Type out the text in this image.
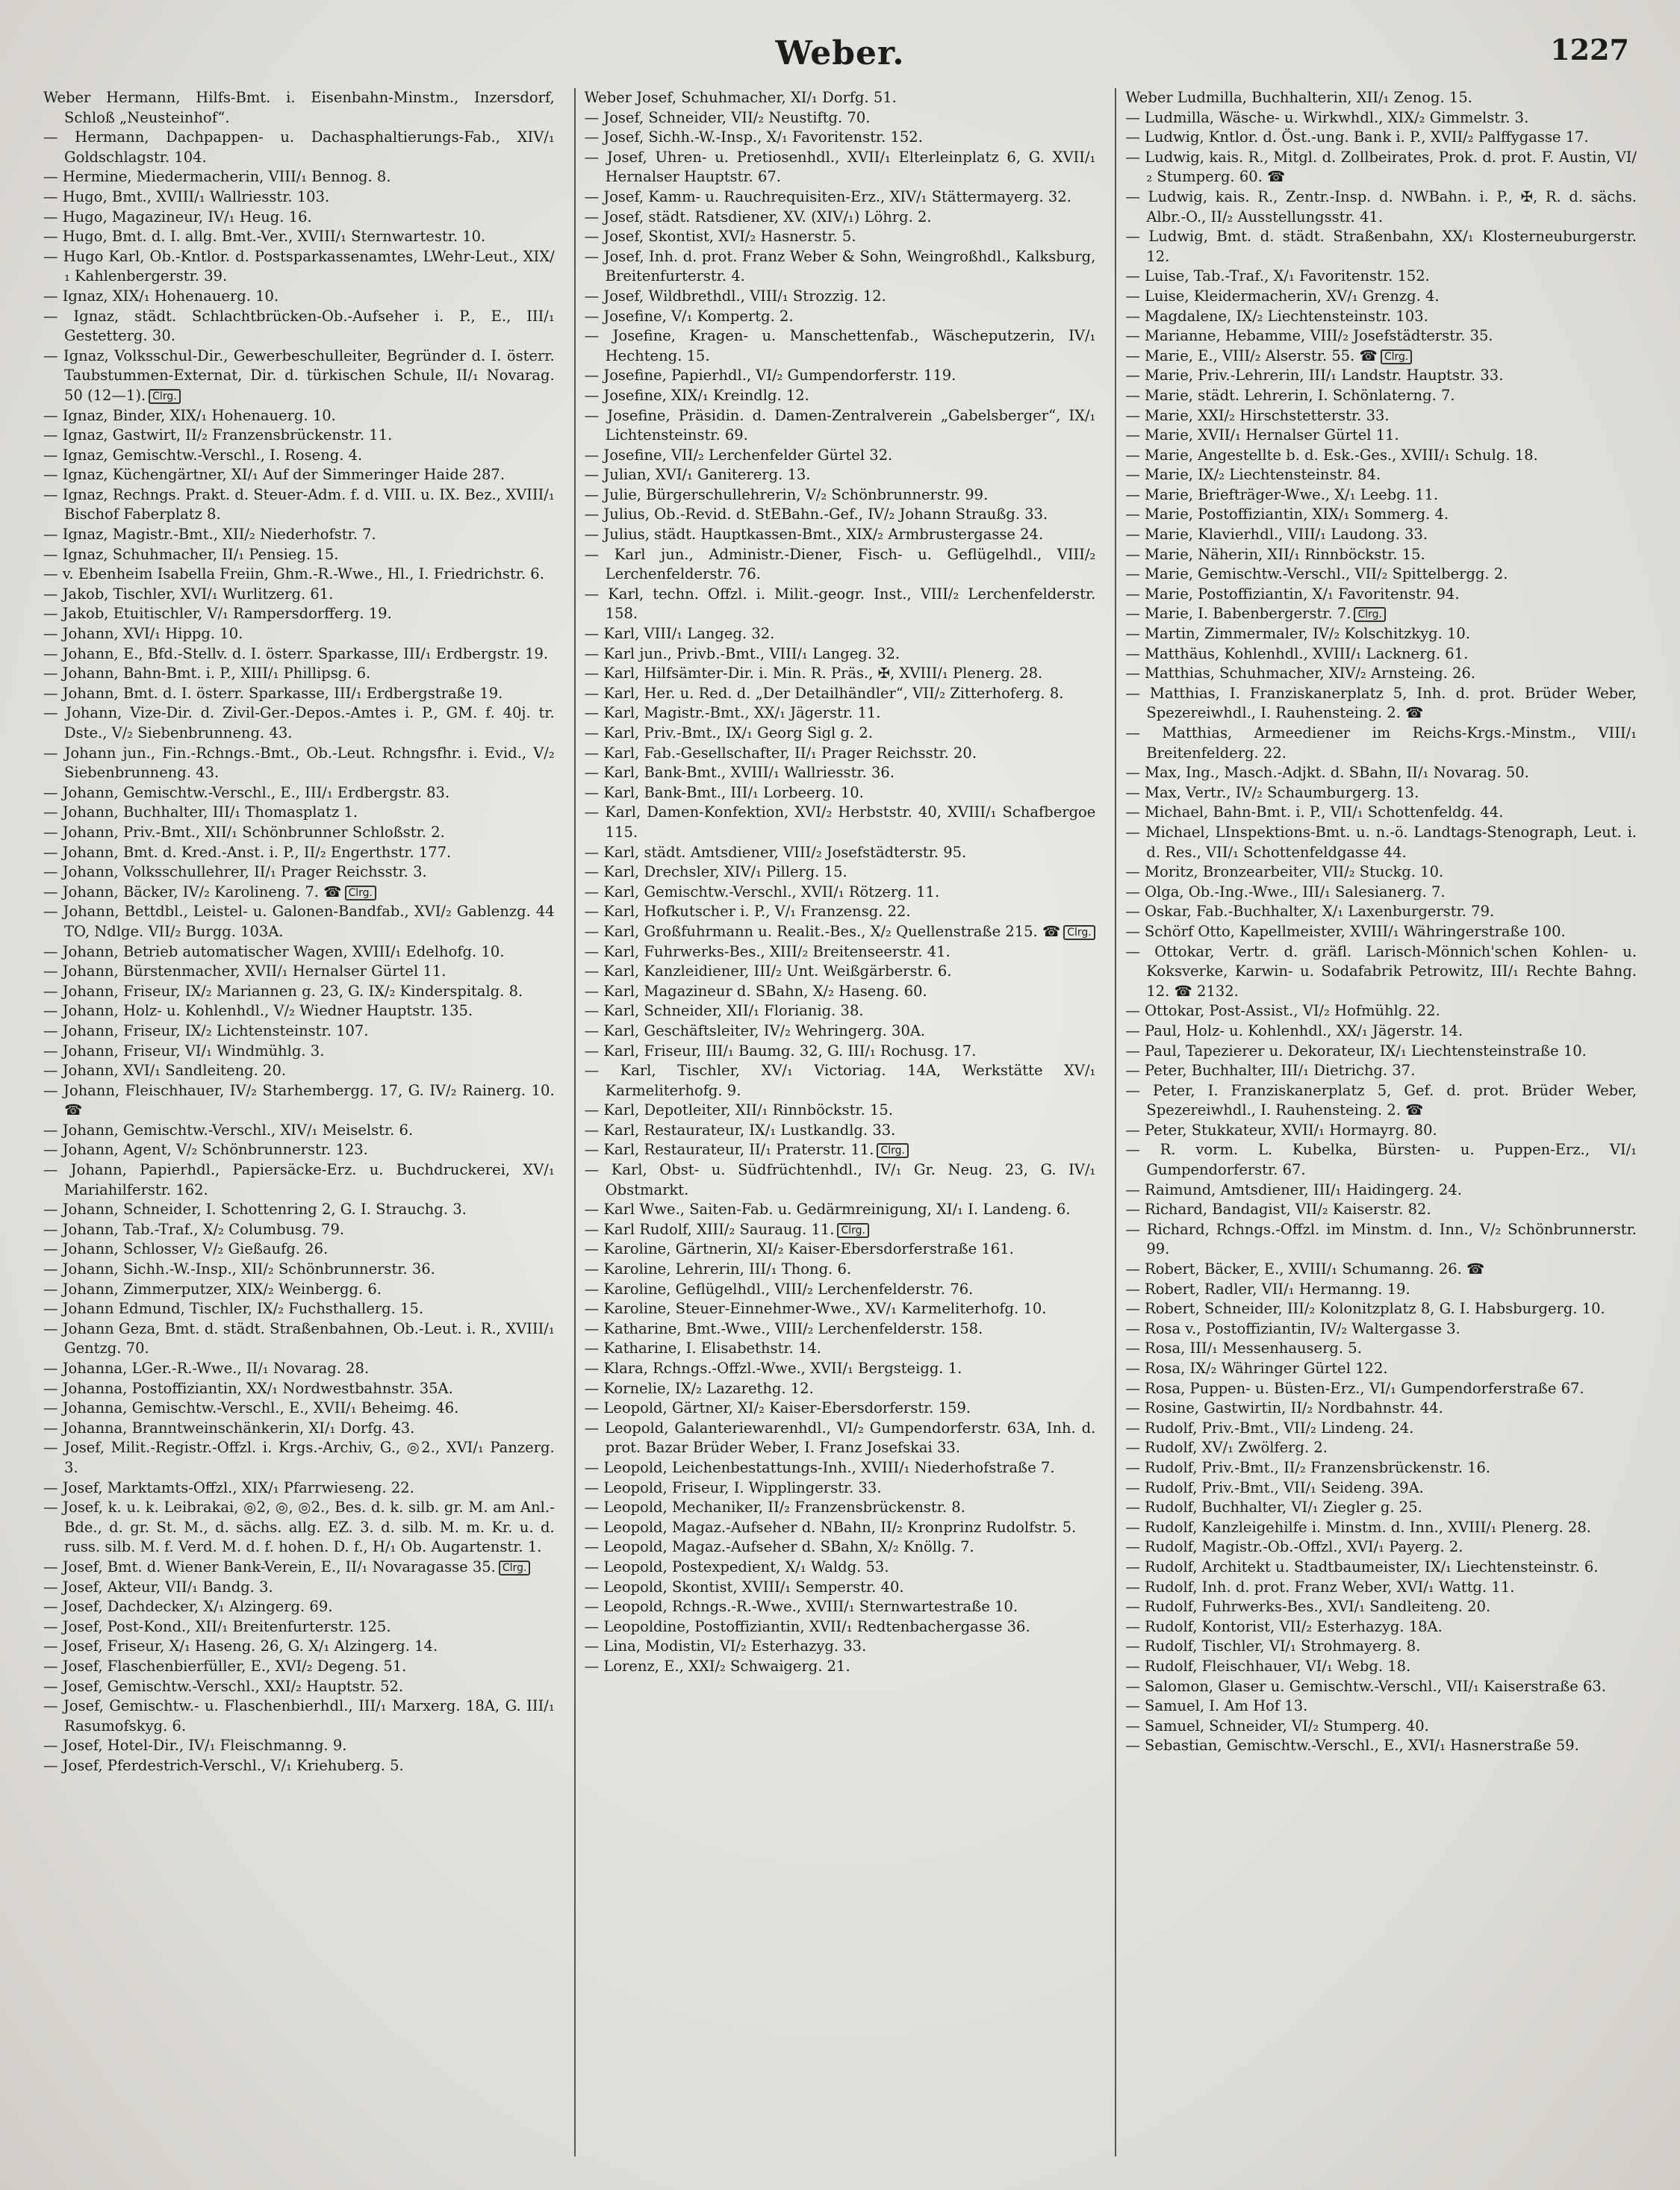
Weber.	1227

Weber Hermann, Hilfs-Bmt. i. Eisenbahn-Minstm., Inzersdorf, Schloß „Neusteinhof“.

— Hermann, Dachpappen- u. Dachasphaltierungs-Fab., XIV/₁ Goldschlagstr. 104.

— Hermine, Miedermacherin, VIII/₁ Bennog. 8.

— Hugo, Bmt., XVIII/₁ Wallriesstr. 103.

— Hugo, Magazineur, IV/₁ Heug. 16.

— Hugo, Bmt. d. I. allg. Bmt.-Ver., XVIII/₁ Sternwartestr. 10.

— Hugo Karl, Ob.-Kntlor. d. Postsparkassenamtes, LWehr-Leut., XIX/₁ Kahlenbergerstr. 39.

— Ignaz, XIX/₁ Hohenauerg. 10.

— Ignaz, städt. Schlachtbrücken-Ob.-Aufseher i. P., E., III/₁ Gestetterg. 30.

— Ignaz, Volksschul-Dir., Gewerbeschulleiter, Begründer d. I. österr. Taubstummen-Externat, Dir. d. türkischen Schule, II/₁ Novarag. 50 (12—1). Clrg.

— Ignaz, Binder, XIX/₁ Hohenauerg. 10.

— Ignaz, Gastwirt, II/₂ Franzensbrückenstr. 11.

— Ignaz, Gemischtw.-Verschl., I. Roseng. 4.

— Ignaz, Küchengärtner, XI/₁ Auf der Simmeringer Haide 287.

— Ignaz, Rechngs. Prakt. d. Steuer-Adm. f. d. VIII. u. IX. Bez., XVIII/₁ Bischof Faberplatz 8.

— Ignaz, Magistr.-Bmt., XII/₂ Niederhofstr. 7.

— Ignaz, Schuhmacher, II/₁ Pensieg. 15.

— v. Ebenheim Isabella Freiin, Ghm.-R.-Wwe., Hl., I. Friedrichstr. 6.

— Jakob, Tischler, XVI/₁ Wurlitzerg. 61.

— Jakob, Etuitischler, V/₁ Rampersdorfferg. 19.

— Johann, XVI/₁ Hippg. 10.

— Johann, E., Bfd.-Stellv. d. I. österr. Sparkasse, III/₁ Erdbergstr. 19.

— Johann, Bahn-Bmt. i. P., XIII/₁ Phillipsg. 6.

— Johann, Bmt. d. I. österr. Sparkasse, III/₁ Erdbergstraße 19.

— Johann, Vize-Dir. d. Zivil-Ger.-Depos.-Amtes i. P., GM. f. 40j. tr. Dste., V/₂ Siebenbrunneng. 43.

— Johann jun., Fin.-Rchngs.-Bmt., Ob.-Leut. Rchngsfhr. i. Evid., V/₂ Siebenbrunneng. 43.

— Johann, Gemischtw.-Verschl., E., III/₁ Erdbergstr. 83.

— Johann, Buchhalter, III/₁ Thomasplatz 1.

— Johann, Priv.-Bmt., XII/₁ Schönbrunner Schloßstr. 2.

— Johann, Bmt. d. Kred.-Anst. i. P., II/₂ Engerthstr. 177.

— Johann, Volksschullehrer, II/₁ Prager Reichsstr. 3.

— Johann, Bäcker, IV/₂ Karolineng. 7. ☎ Clrg.

— Johann, Bettdbl., Leistel- u. Galonen-Bandfab., XVI/₂ Gablenzg. 44 TO, Ndlge. VII/₂ Burgg. 103A.

— Johann, Betrieb automatischer Wagen, XVIII/₁ Edelhofg. 10.

— Johann, Bürstenmacher, XVII/₁ Hernalser Gürtel 11.

— Johann, Friseur, IX/₂ Mariannen g. 23, G. IX/₂ Kinderspitalg. 8.

— Johann, Holz- u. Kohlenhdl., V/₂ Wiedner Hauptstr. 135.

— Johann, Friseur, IX/₂ Lichtensteinstr. 107.

— Johann, Friseur, VI/₁ Windmühlg. 3.

— Johann, XVI/₁ Sandleiteng. 20.

— Johann, Fleischhauer, IV/₂ Starhembergg. 17, G. IV/₂ Rainerg. 10. ☎

— Johann, Gemischtw.-Verschl., XIV/₁ Meiselstr. 6.

— Johann, Agent, V/₂ Schönbrunnerstr. 123.

— Johann, Papierhdl., Papiersäcke-Erz. u. Buchdruckerei, XV/₁ Mariahilferstr. 162.

— Johann, Schneider, I. Schottenring 2, G. I. Strauchg. 3.

— Johann, Tab.-Traf., X/₂ Columbusg. 79.

— Johann, Schlosser, V/₂ Gießaufg. 26.

— Johann, Sichh.-W.-Insp., XII/₂ Schönbrunnerstr. 36.

— Johann, Zimmerputzer, XIX/₂ Weinbergg. 6.

— Johann Edmund, Tischler, IX/₂ Fuchsthallerg. 15.

— Johann Geza, Bmt. d. städt. Straßenbahnen, Ob.-Leut. i. R., XVIII/₁ Gentzg. 70.

— Johanna, LGer.-R.-Wwe., II/₁ Novarag. 28.

— Johanna, Postoffiziantin, XX/₁ Nordwestbahnstr. 35A.

— Johanna, Gemischtw.-Verschl., E., XVII/₁ Beheimg. 46.

— Johanna, Branntweinschänkerin, XI/₁ Dorfg. 43.

— Josef, Milit.-Registr.-Offzl. i. Krgs.-Archiv, G., ◎2., XVI/₁ Panzerg. 3.

— Josef, Marktamts-Offzl., XIX/₁ Pfarrwieseng. 22.

— Josef, k. u. k. Leibrakai, ◎2, ◎, ◎2., Bes. d. k. silb. gr. M. am Anl.-Bde., d. gr. St. M., d. sächs. allg. EZ. 3. d. silb. M. m. Kr. u. d. russ. silb. M. f. Verd. M. d. f. hohen. D. f., H/₁ Ob. Augartenstr. 1.

— Josef, Bmt. d. Wiener Bank-Verein, E., II/₁ Novaragasse 35. Clrg.

— Josef, Akteur, VII/₁ Bandg. 3.

— Josef, Dachdecker, X/₁ Alzingerg. 69.

— Josef, Post-Kond., XII/₁ Breitenfurterstr. 125.

— Josef, Friseur, X/₁ Haseng. 26, G. X/₁ Alzingerg. 14.

— Josef, Flaschenbierfüller, E., XVI/₂ Degeng. 51.

— Josef, Gemischtw.-Verschl., XXI/₂ Hauptstr. 52.

— Josef, Gemischtw.- u. Flaschenbierhdl., III/₁ Marxerg. 18A, G. III/₁ Rasumofskyg. 6.

— Josef, Hotel-Dir., IV/₁ Fleischmanng. 9.

— Josef, Pferdestrich-Verschl., V/₁ Kriehuberg. 5.

Weber Josef, Schuhmacher, XI/₁ Dorfg. 51.

— Josef, Schneider, VII/₂ Neustiftg. 70.

— Josef, Sichh.-W.-Insp., X/₁ Favoritenstr. 152.

— Josef, Uhren- u. Pretiosenhdl., XVII/₁ Elterleinplatz 6, G. XVII/₁ Hernalser Hauptstr. 67.

— Josef, Kamm- u. Rauchrequisiten-Erz., XIV/₁ Stättermayerg. 32.

— Josef, städt. Ratsdiener, XV. (XIV/₁) Löhrg. 2.

— Josef, Skontist, XVI/₂ Hasnerstr. 5.

— Josef, Inh. d. prot. Franz Weber & Sohn, Weingroßhdl., Kalksburg, Breitenfurterstr. 4.

— Josef, Wildbrethdl., VIII/₁ Strozzig. 12.

— Josefine, V/₁ Kompertg. 2.

— Josefine, Kragen- u. Manschettenfab., Wäscheputzerin, IV/₁ Hechteng. 15.

— Josefine, Papierhdl., VI/₂ Gumpendorferstr. 119.

— Josefine, XIX/₁ Kreindlg. 12.

— Josefine, Präsidin. d. Damen-Zentralverein „Gabelsberger“, IX/₁ Lichtensteinstr. 69.

— Josefine, VII/₂ Lerchenfelder Gürtel 32.

— Julian, XVI/₁ Ganitererg. 13.

— Julie, Bürgerschullehrerin, V/₂ Schönbrunnerstr. 99.

— Julius, Ob.-Revid. d. StEBahn.-Gef., IV/₂ Johann Straußg. 33.

— Julius, städt. Hauptkassen-Bmt., XIX/₂ Armbrustergasse 24.

— Karl jun., Administr.-Diener, Fisch- u. Geflügelhdl., VIII/₂ Lerchenfelderstr. 76.

— Karl, techn. Offzl. i. Milit.-geogr. Inst., VIII/₂ Lerchenfelderstr. 158.

— Karl, VIII/₁ Langeg. 32.

— Karl jun., Privb.-Bmt., VIII/₁ Langeg. 32.

— Karl, Hilfsämter-Dir. i. Min. R. Präs., ✠, XVIII/₁ Plenerg. 28.

— Karl, Her. u. Red. d. „Der Detailhändler“, VII/₂ Zitterhoferg. 8.

— Karl, Magistr.-Bmt., XX/₁ Jägerstr. 11.

— Karl, Priv.-Bmt., IX/₁ Georg Sigl g. 2.

— Karl, Fab.-Gesellschafter, II/₁ Prager Reichsstr. 20.

— Karl, Bank-Bmt., XVIII/₁ Wallriesstr. 36.

— Karl, Bank-Bmt., III/₁ Lorbeerg. 10.

— Karl, Damen-Konfektion, XVI/₂ Herbststr. 40, XVIII/₁ Schafbergoe 115.

— Karl, städt. Amtsdiener, VIII/₂ Josefstädterstr. 95.

— Karl, Drechsler, XIV/₁ Pillerg. 15.

— Karl, Gemischtw.-Verschl., XVII/₁ Rötzerg. 11.

— Karl, Hofkutscher i. P., V/₁ Franzensg. 22.

— Karl, Großfuhrmann u. Realit.-Bes., X/₂ Quellenstraße 215. ☎ Clrg.

— Karl, Fuhrwerks-Bes., XIII/₂ Breitenseerstr. 41.

— Karl, Kanzleidiener, III/₂ Unt. Weißgärberstr. 6.

— Karl, Magazineur d. SBahn, X/₂ Haseng. 60.

— Karl, Schneider, XII/₁ Florianig. 38.

— Karl, Geschäftsleiter, IV/₂ Wehringerg. 30A.

— Karl, Friseur, III/₁ Baumg. 32, G. III/₁ Rochusg. 17.

— Karl, Tischler, XV/₁ Victoriag. 14A, Werkstätte XV/₁ Karmeliterhofg. 9.

— Karl, Depotleiter, XII/₁ Rinnböckstr. 15.

— Karl, Restaurateur, IX/₁ Lustkandlg. 33.

— Karl, Restaurateur, II/₁ Praterstr. 11. Clrg.

— Karl, Obst- u. Südfrüchtenhdl., IV/₁ Gr. Neug. 23, G. IV/₁ Obstmarkt.

— Karl Wwe., Saiten-Fab. u. Gedärmreinigung, XI/₁ I. Landeng. 6.

— Karl Rudolf, XIII/₂ Sauraug. 11. Clrg.

— Karoline, Gärtnerin, XI/₂ Kaiser-Ebersdorferstraße 161.

— Karoline, Lehrerin, III/₁ Thong. 6.

— Karoline, Geflügelhdl., VIII/₂ Lerchenfelderstr. 76.

— Karoline, Steuer-Einnehmer-Wwe., XV/₁ Karmeliterhofg. 10.

— Katharine, Bmt.-Wwe., VIII/₂ Lerchenfelderstr. 158.

— Katharine, I. Elisabethstr. 14.

— Klara, Rchngs.-Offzl.-Wwe., XVII/₁ Bergsteigg. 1.

— Kornelie, IX/₂ Lazarethg. 12.

— Leopold, Gärtner, XI/₂ Kaiser-Ebersdorferstr. 159.

— Leopold, Galanteriewarenhdl., VI/₂ Gumpendorferstr. 63A, Inh. d. prot. Bazar Brüder Weber, I. Franz Josefskai 33.

— Leopold, Leichenbestattungs-Inh., XVIII/₁ Niederhofstraße 7.

— Leopold, Friseur, I. Wipplingerstr. 33.

— Leopold, Mechaniker, II/₂ Franzensbrückenstr. 8.

— Leopold, Magaz.-Aufseher d. NBahn, II/₂ Kronprinz Rudolfstr. 5.

— Leopold, Magaz.-Aufseher d. SBahn, X/₂ Knöllg. 7.

— Leopold, Postexpedient, X/₁ Waldg. 53.

— Leopold, Skontist, XVIII/₁ Semperstr. 40.

— Leopold, Rchngs.-R.-Wwe., XVIII/₁ Sternwartestraße 10.

— Leopoldine, Postoffiziantin, XVII/₁ Redtenbachergasse 36.

— Lina, Modistin, VI/₂ Esterhazyg. 33.

— Lorenz, E., XXI/₂ Schwaigerg. 21.

Weber Ludmilla, Buchhalterin, XII/₁ Zenog. 15.

— Ludmilla, Wäsche- u. Wirkwhdl., XIX/₂ Gimmelstr. 3.

— Ludwig, Kntlor. d. Öst.-ung. Bank i. P., XVII/₂ Palffygasse 17.

— Ludwig, kais. R., Mitgl. d. Zollbeirates, Prok. d. prot. F. Austin, VI/₂ Stumperg. 60. ☎

— Ludwig, kais. R., Zentr.-Insp. d. NWBahn. i. P., ✠, R. d. sächs. Albr.-O., II/₂ Ausstellungsstr. 41.

— Ludwig, Bmt. d. städt. Straßenbahn, XX/₁ Klosterneuburgerstr. 12.

— Luise, Tab.-Traf., X/₁ Favoritenstr. 152.

— Luise, Kleidermacherin, XV/₁ Grenzg. 4.

— Magdalene, IX/₂ Liechtensteinstr. 103.

— Marianne, Hebamme, VIII/₂ Josefstädterstr. 35.

— Marie, E., VIII/₂ Alserstr. 55. ☎ Clrg.

— Marie, Priv.-Lehrerin, III/₁ Landstr. Hauptstr. 33.

— Marie, städt. Lehrerin, I. Schönlaterng. 7.

— Marie, XXI/₂ Hirschstetterstr. 33.

— Marie, XVII/₁ Hernalser Gürtel 11.

— Marie, Angestellte b. d. Esk.-Ges., XVIII/₁ Schulg. 18.

— Marie, IX/₂ Liechtensteinstr. 84.

— Marie, Briefträger-Wwe., X/₁ Leebg. 11.

— Marie, Postoffiziantin, XIX/₁ Sommerg. 4.

— Marie, Klavierhdl., VIII/₁ Laudong. 33.

— Marie, Näherin, XII/₁ Rinnböckstr. 15.

— Marie, Gemischtw.-Verschl., VII/₂ Spittelbergg. 2.

— Marie, Postoffiziantin, X/₁ Favoritenstr. 94.

— Marie, I. Babenbergerstr. 7. Clrg.

— Martin, Zimmermaler, IV/₂ Kolschitzkyg. 10.

— Matthäus, Kohlenhdl., XVIII/₁ Lacknerg. 61.

— Matthias, Schuhmacher, XIV/₂ Arnsteing. 26.

— Matthias, I. Franziskanerplatz 5, Inh. d. prot. Brüder Weber, Spezereiwhdl., I. Rauhensteing. 2. ☎

— Matthias, Armeediener im Reichs-Krgs.-Minstm., VIII/₁ Breitenfelderg. 22.

— Max, Ing., Masch.-Adjkt. d. SBahn, II/₁ Novarag. 50.

— Max, Vertr., IV/₂ Schaumburgerg. 13.

— Michael, Bahn-Bmt. i. P., VII/₁ Schottenfeldg. 44.

— Michael, LInspektions-Bmt. u. n.-ö. Landtags-Stenograph, Leut. i. d. Res., VII/₁ Schottenfeldgasse 44.

— Moritz, Bronzearbeiter, VII/₂ Stuckg. 10.

— Olga, Ob.-Ing.-Wwe., III/₁ Salesianerg. 7.

— Oskar, Fab.-Buchhalter, X/₁ Laxenburgerstr. 79.

— Schörf Otto, Kapellmeister, XVIII/₁ Währingerstraße 100.

— Ottokar, Vertr. d. gräfl. Larisch-Mönnich'schen Kohlen- u. Koksverke, Karwin- u. Sodafabrik Petrowitz, III/₁ Rechte Bahng. 12. ☎ 2132.

— Ottokar, Post-Assist., VI/₂ Hofmühlg. 22.

— Paul, Holz- u. Kohlenhdl., XX/₁ Jägerstr. 14.

— Paul, Tapezierer u. Dekorateur, IX/₁ Liechtensteinstraße 10.

— Peter, Buchhalter, III/₁ Dietrichg. 37.

— Peter, I. Franziskanerplatz 5, Gef. d. prot. Brüder Weber, Spezereiwhdl., I. Rauhensteing. 2. ☎

— Peter, Stukkateur, XVII/₁ Hormayrg. 80.

— R. vorm. L. Kubelka, Bürsten- u. Puppen-Erz., VI/₁ Gumpendorferstr. 67.

— Raimund, Amtsdiener, III/₁ Haidingerg. 24.

— Richard, Bandagist, VII/₂ Kaiserstr. 82.

— Richard, Rchngs.-Offzl. im Minstm. d. Inn., V/₂ Schönbrunnerstr. 99.

— Robert, Bäcker, E., XVIII/₁ Schumanng. 26. ☎

— Robert, Radler, VII/₁ Hermanng. 19.

— Robert, Schneider, III/₂ Kolonitzplatz 8, G. I. Habsburgerg. 10.

— Rosa v., Postoffiziantin, IV/₂ Waltergasse 3.

— Rosa, III/₁ Messenhauserg. 5.

— Rosa, IX/₂ Währinger Gürtel 122.

— Rosa, Puppen- u. Büsten-Erz., VI/₁ Gumpendorferstraße 67.

— Rosine, Gastwirtin, II/₂ Nordbahnstr. 44.

— Rudolf, Priv.-Bmt., VII/₂ Lindeng. 24.

— Rudolf, XV/₁ Zwölferg. 2.

— Rudolf, Priv.-Bmt., II/₂ Franzensbrückenstr. 16.

— Rudolf, Priv.-Bmt., VII/₁ Seideng. 39A.

— Rudolf, Buchhalter, VI/₁ Ziegler g. 25.

— Rudolf, Kanzleigehilfe i. Minstm. d. Inn., XVIII/₁ Plenerg. 28.

— Rudolf, Magistr.-Ob.-Offzl., XVI/₁ Payerg. 2.

— Rudolf, Architekt u. Stadtbaumeister, IX/₁ Liechtensteinstr. 6.

— Rudolf, Inh. d. prot. Franz Weber, XVI/₁ Wattg. 11.

— Rudolf, Fuhrwerks-Bes., XVI/₁ Sandleiteng. 20.

— Rudolf, Kontorist, VII/₂ Esterhazyg. 18A.

— Rudolf, Tischler, VI/₁ Strohmayerg. 8.

— Rudolf, Fleischhauer, VI/₁ Webg. 18.

— Salomon, Glaser u. Gemischtw.-Verschl., VII/₁ Kaiserstraße 63.

— Samuel, I. Am Hof 13.

— Samuel, Schneider, VI/₂ Stumperg. 40.

— Sebastian, Gemischtw.-Verschl., E., XVI/₁ Hasnerstraße 59.
